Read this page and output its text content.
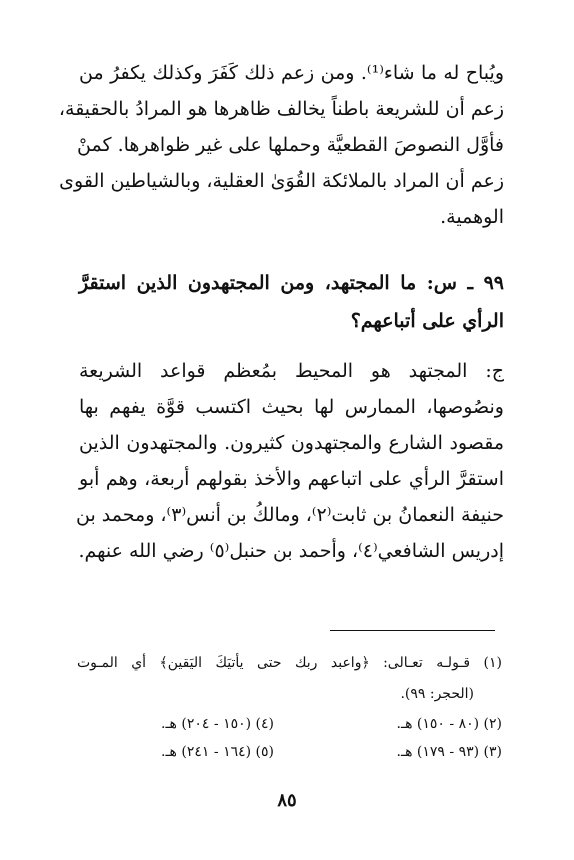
ويُباح له ما شاء⁽¹⁾. ومن زعم ذلك كَفَرَ وكذلك يكفرُ من
زعم أن للشريعة باطناً يخالف ظاهرها هو المرادُ بالحقيقة،
فأوَّل النصوصَ القطعيَّة وحملها على غير ظواهرها. كمنْ
زعم أن المراد بالملائكة القُوَىٰ العقلية، وبالشياطين القوى
الوهمية.
٩٩ ـ س: ما المجتهد، ومن المجتهدون الذين استقرَّ
الرأي على أتباعهم؟
ج: المجتهد هو المحيط بمُعظم قواعد الشريعة
ونصُوصها، الممارس لها بحيث اكتسب قوَّة يفهم بها
مقصود الشارع والمجتهدون كثيرون. والمجتهدون الذين
استقرَّ الرأي على اتباعهم والأخذ بقولهم أربعة، وهم أبو
حنيفة النعمانُ بن ثابت⁽٢⁾، ومالكُ بن أنس⁽٣⁾، ومحمد بن
إدريس الشافعي⁽٤⁾، وأحمد بن حنبل⁽٥⁾ رضي الله عنهم.
(١) قـولـه تعـالى: ﴿واعبد ربك حتى يأتيَكَ اليَقين﴾ أي المـوت
(الحجر: ٩٩).
(٢) (٨٠ - ١٥٠) هـ.
(٤) (١٥٠ - ٢٠٤) هـ.
(٣) (٩٣ - ١٧٩) هـ.
(٥) (١٦٤ - ٢٤١) هـ.
٨٥
